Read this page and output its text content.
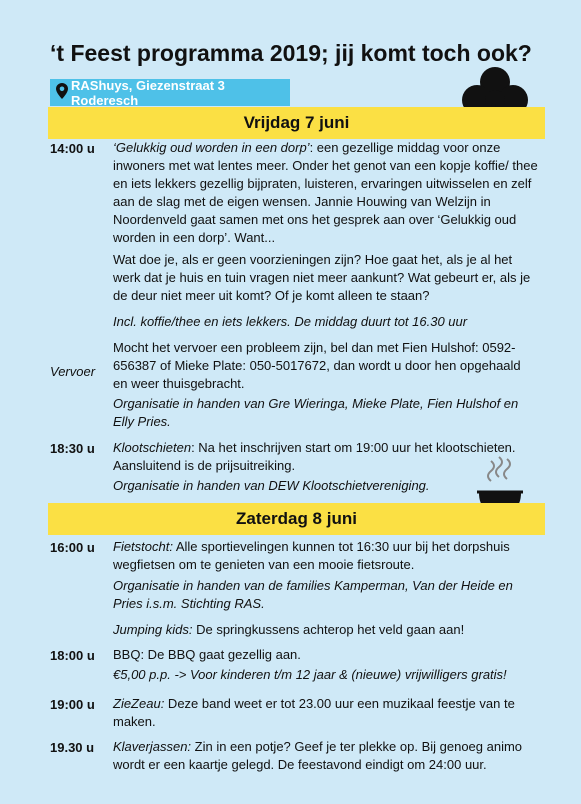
‘t Feest programma 2019; jij komt toch ook?
RAShuys, Giezenstraat 3 Roderesch
Vrijdag 7 juni
14:00 u ‘Gelukkig oud worden in een dorp’: een gezellige middag voor onze inwoners met wat lentes meer. Onder het genot van een kopje koffie/ thee en iets lekkers gezellig bijpraten, luisteren, ervaringen uitwisselen en zelf aan de slag met de eigen wensen. Jannie Houwing van Welzijn in Noordenveld gaat samen met ons het gesprek aan over ‘Gelukkig oud worden in een dorp’. Want...
Wat doe je, als er geen voorzieningen zijn? Hoe gaat het, als je al het werk dat je huis en tuin vragen niet meer aankunt? Wat gebeurt er, als je de deur niet meer uit komt? Of je komt alleen te staan?
Incl. koffie/thee en iets lekkers. De middag duurt tot 16.30 uur
Vervoer
Mocht het vervoer een probleem zijn, bel dan met Fien Hulshof: 0592-656387 of Mieke Plate: 050-5017672, dan wordt u door hen opgehaald en weer thuisgebracht.
Organisatie in handen van Gre Wieringa, Mieke Plate, Fien Hulshof en Elly Pries.
18:30 u Klootschieten: Na het inschrijven start om 19:00 uur het klootschieten. Aansluitend is de prijsuitreiking.
Organisatie in handen van DEW Klootschietvereniging.
Zaterdag 8 juni
16:00 u Fietstocht: Alle sportievelingen kunnen tot 16:30 uur bij het dorpshuis wegfietsen om te genieten van een mooie fietsroute.
Organisatie in handen van de families Kamperman, Van der Heide en Pries i.s.m. Stichting RAS.
Jumping kids: De springkussens achterop het veld gaan aan!
18:00 u BBQ: De BBQ gaat gezellig aan.
€5,00 p.p. -> Voor kinderen t/m 12 jaar & (nieuwe) vrijwilligers gratis!
19:00 u ZieZeau: Deze band weet er tot 23.00 uur een muzikaal feestje van te maken.
19.30 u Klaverjassen: Zin in een potje? Geef je ter plekke op. Bij genoeg animo wordt er een kaartje gelegd. De feestavond eindigt om 24:00 uur.
